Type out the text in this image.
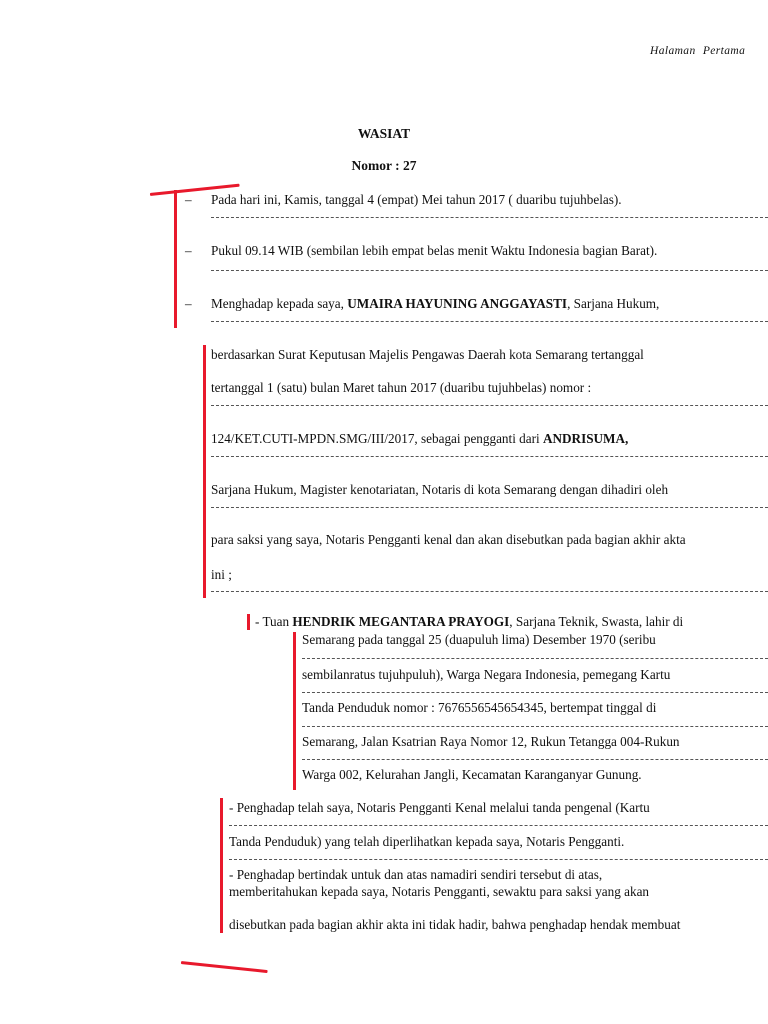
Halaman Pertama
WASIAT
Nomor : 27
– Pada hari ini, Kamis, tanggal 4 (empat) Mei tahun 2017 ( duaribu tujuhbelas).
– Pukul 09.14 WIB (sembilan lebih empat belas menit Waktu Indonesia bagian Barat).
– Menghadap kepada saya, UMAIRA HAYUNING ANGGAYASTI, Sarjana Hukum,
berdasarkan Surat Keputusan Majelis Pengawas Daerah kota Semarang tertanggal
tertanggal 1 (satu) bulan Maret tahun 2017 (duaribu tujuhbelas) nomor :
124/KET.CUTI-MPDN.SMG/III/2017, sebagai pengganti dari ANDRISUMA,
Sarjana Hukum, Magister kenotariatan, Notaris di kota Semarang dengan dihadiri oleh
para saksi yang saya, Notaris Pengganti kenal dan akan disebutkan pada bagian akhir akta
ini ;
- Tuan HENDRIK MEGANTARA PRAYOGI, Sarjana Teknik, Swasta, lahir di
Semarang pada tanggal 25 (duapuluh lima) Desember 1970 (seribu
sembilanratus tujuhpuluh), Warga Negara Indonesia, pemegang Kartu
Tanda Penduduk nomor : 7676556545654345, bertempat tinggal di
Semarang, Jalan Ksatrian Raya Nomor 12, Rukun Tetangga 004-Rukun
Warga 002, Kelurahan Jangli, Kecamatan Karanganyar Gunung.
- Penghadap telah saya, Notaris Pengganti Kenal melalui tanda pengenal (Kartu
Tanda Penduduk) yang telah diperlihatkan kepada saya, Notaris Pengganti.
- Penghadap bertindak untuk dan atas namadiri sendiri tersebut di atas,
memberitahukan kepada saya, Notaris Pengganti, sewaktu para saksi yang akan
disebutkan pada bagian akhir akta ini tidak hadir, bahwa penghadap hendak membuat
